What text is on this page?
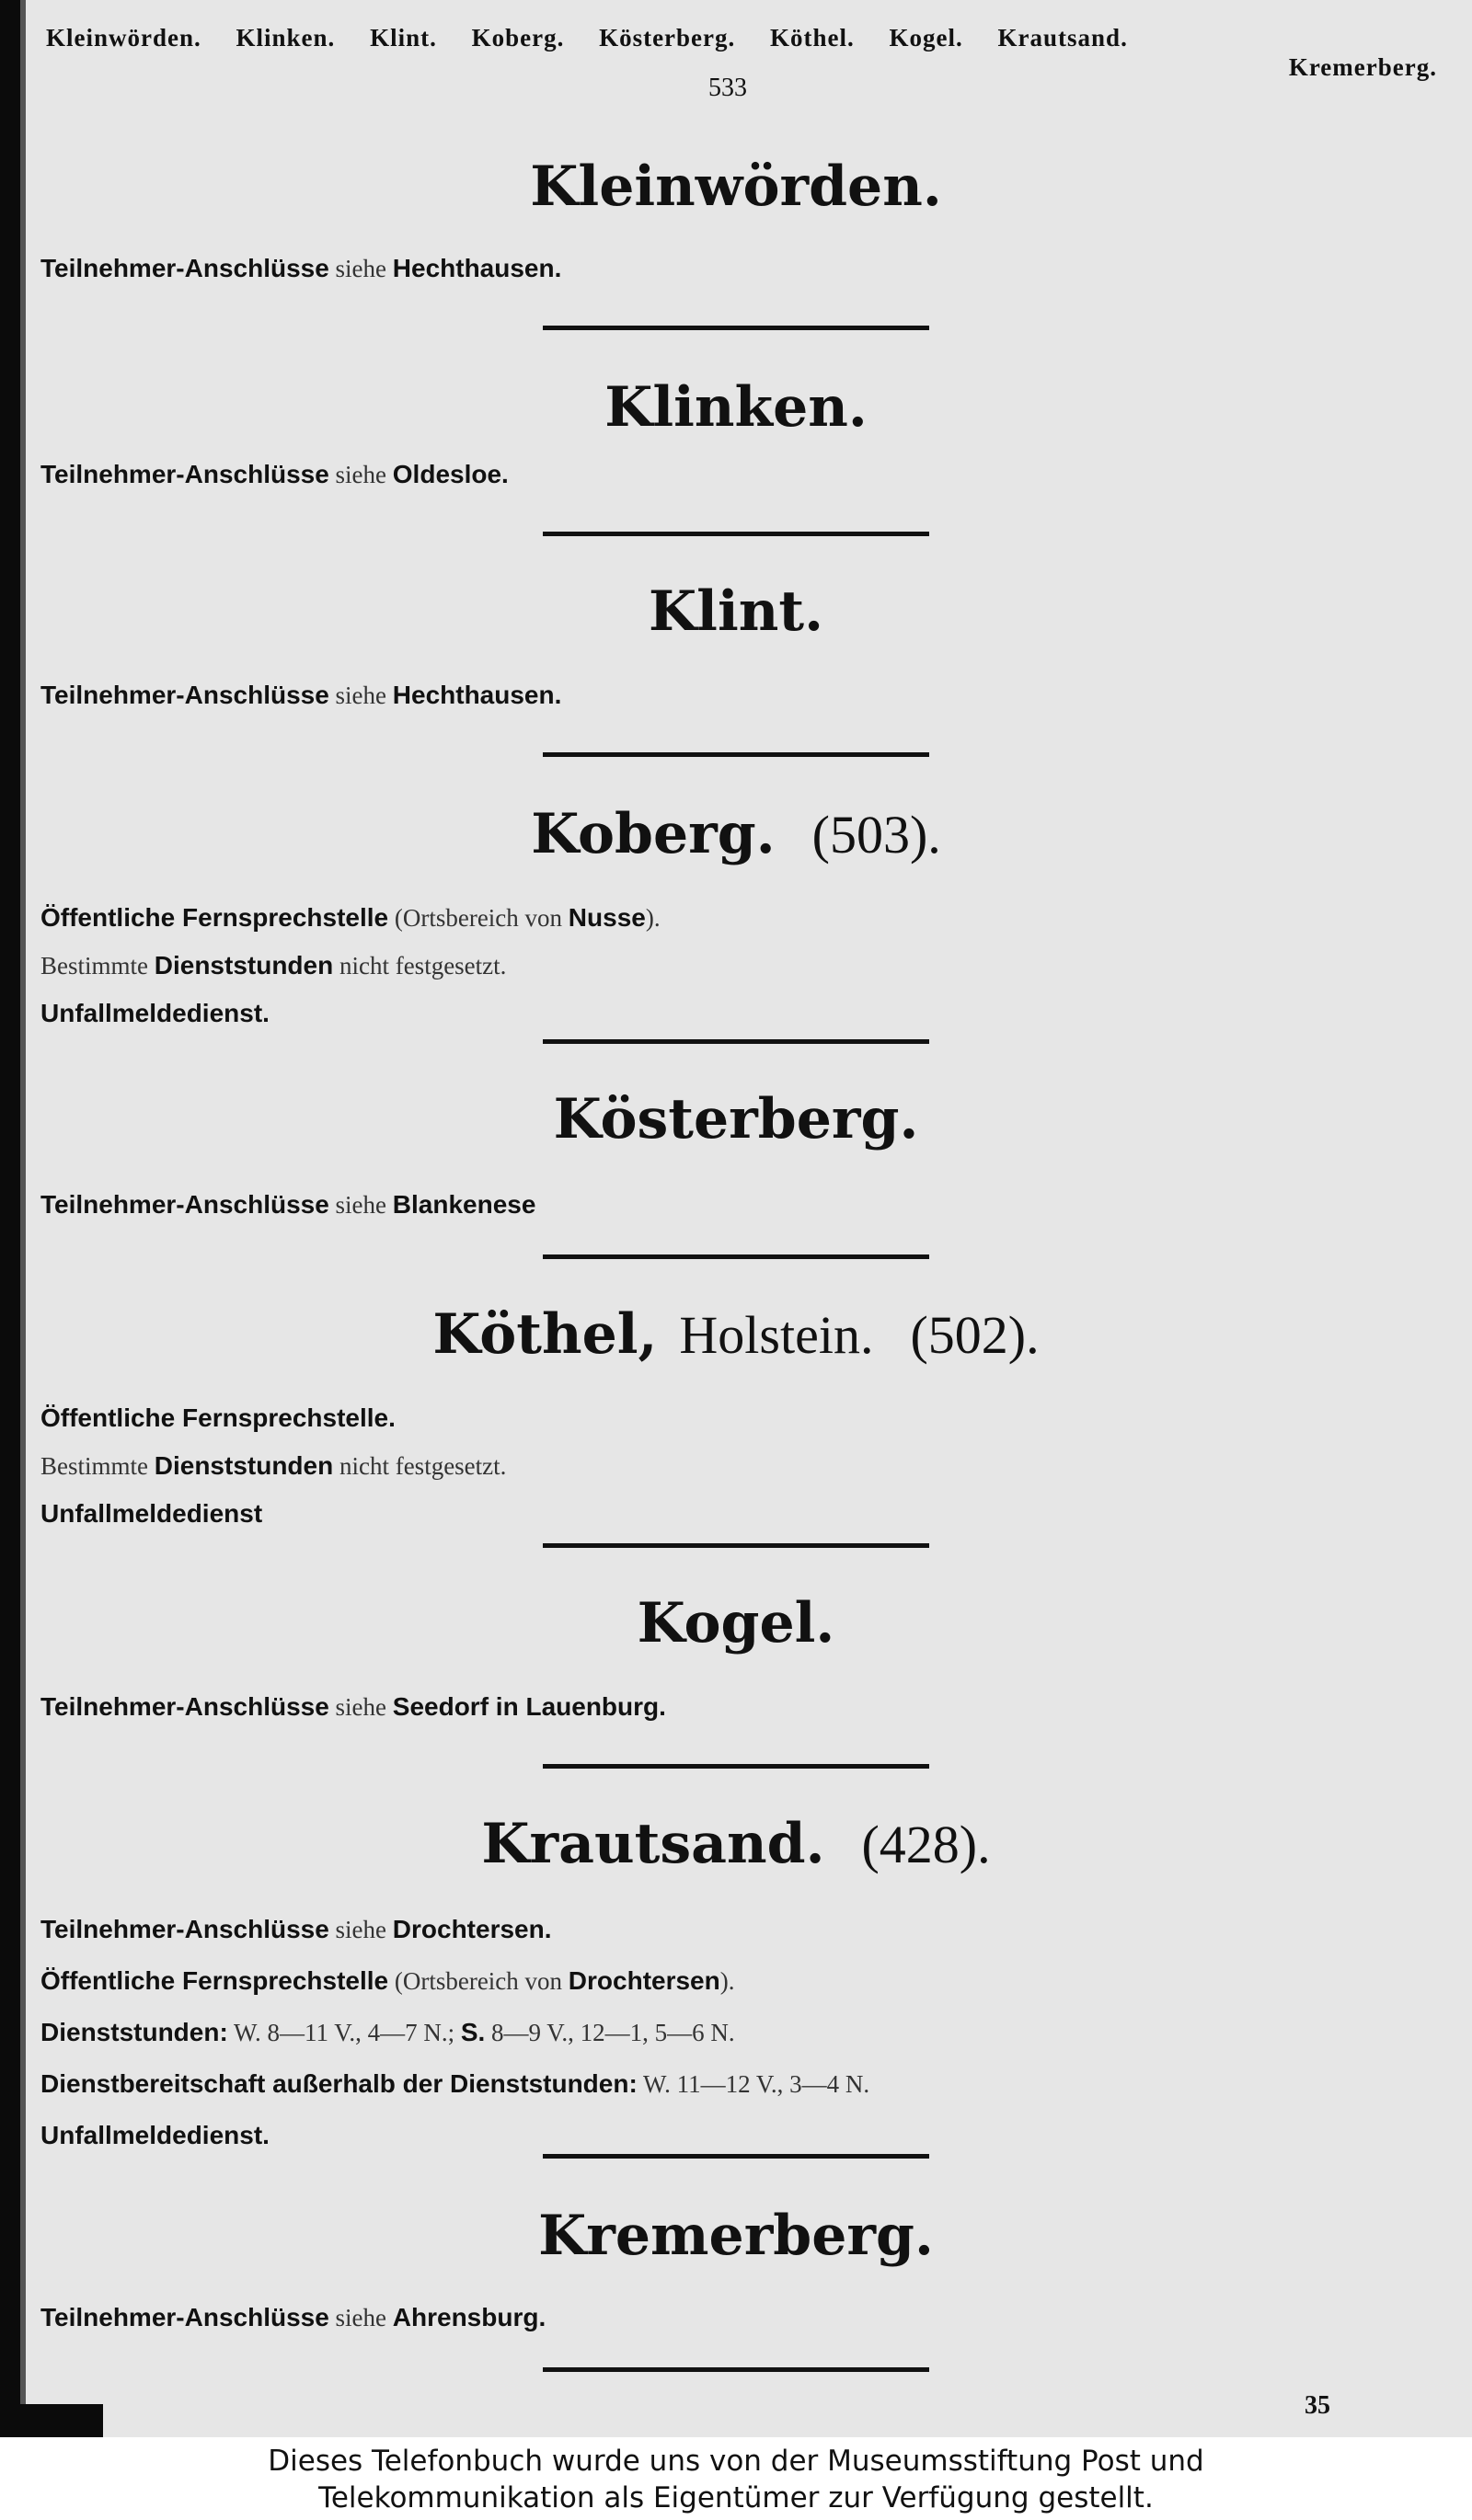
Kleinwörden. Klinken. Klint. Koberg. Kösterberg. Köthel. Kogel. Krautsand.
Kremerberg.
533
Kleinwörden.
Teilnehmer-Anschlüsse siehe Hechthausen.
Klinken.
Teilnehmer-Anschlüsse siehe Oldesloe.
Klint.
Teilnehmer-Anschlüsse siehe Hechthausen.
Koberg. (503).
Öffentliche Fernsprechstelle (Ortsbereich von Nusse).
Bestimmte Dienststunden nicht festgesetzt.
Unfallmeldedienst.
Kösterberg.
Teilnehmer-Anschlüsse siehe Blankenese
Köthel, Holstein. (502).
Öffentliche Fernsprechstelle.
Bestimmte Dienststunden nicht festgesetzt.
Unfallmeldedienst
Kogel.
Teilnehmer-Anschlüsse siehe Seedorf in Lauenburg.
Krautsand. (428).
Teilnehmer-Anschlüsse siehe Drochtersen.
Öffentliche Fernsprechstelle (Ortsbereich von Drochtersen).
Dienststunden: W. 8—11 V., 4—7 N.; S. 8—9 V., 12—1, 5—6 N.
Dienstbereitschaft außerhalb der Dienststunden: W. 11—12 V., 3—4 N.
Unfallmeldedienst.
Kremerberg.
Teilnehmer-Anschlüsse siehe Ahrensburg.
35
Dieses Telefonbuch wurde uns von der Museumsstiftung Post und
Telekommunikation als Eigentümer zur Verfügung gestellt.
